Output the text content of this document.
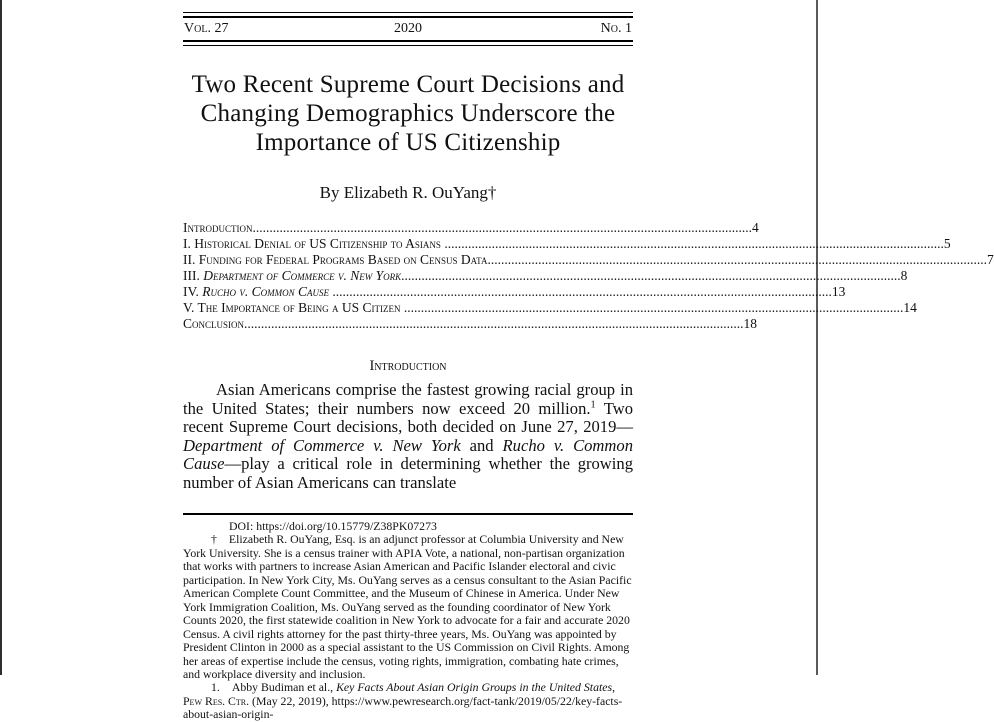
Vol. 27	2020	No. 1
Two Recent Supreme Court Decisions and
Changing Demographics Underscore the
Importance of US Citizenship
By Elizabeth R. OuYang†
Introduction .....	4
I. Historical Denial of US Citizenship to Asians .....	5
II. Funding for Federal Programs Based on Census Data .....	7
III. Department of Commerce v. New York .....	8
IV. Rucho v. Common Cause .....	13
V. The Importance of Being a US Citizen .....	14
Conclusion .....	18
Introduction

Asian Americans comprise the fastest growing racial group in the United States; their numbers now exceed 20 million.$^1$ Two recent Supreme Court decisions, both decided on June 27, 2019—Department of Commerce v. New York and Rucho v. Common Cause—play a critical role in determining whether the growing number of Asian Americans can translate

DOI: https://doi.org/10.15779/Z38PK07273

† Elizabeth R. OuYang, Esq. is an adjunct professor at Columbia University and New York University. She is a census trainer with APIA Vote, a national, non-partisan organization that works with partners to increase Asian American and Pacific Islander electoral and civic participation. In New York City, Ms. OuYang serves as a census consultant to the Asian Pacific American Complete Count Committee, and the Museum of Chinese in America. Under New York Immigration Coalition, Ms. OuYang served as the founding coordinator of New York Counts 2020, the first statewide coalition in New York to advocate for a fair and accurate 2020 Census. A civil rights attorney for the past thirty-three years, Ms. OuYang was appointed by President Clinton in 2000 as a special assistant to the US Commission on Civil Rights. Among her areas of expertise include the census, voting rights, immigration, combating hate crimes, and workplace diversity and inclusion.

1. Abby Budiman et al., Key Facts About Asian Origin Groups in the United States, Pew Res. Ctr. (May 22, 2019), https://www.pewresearch.org/fact-tank/2019/05/22/key-facts-about-asian-origin-
